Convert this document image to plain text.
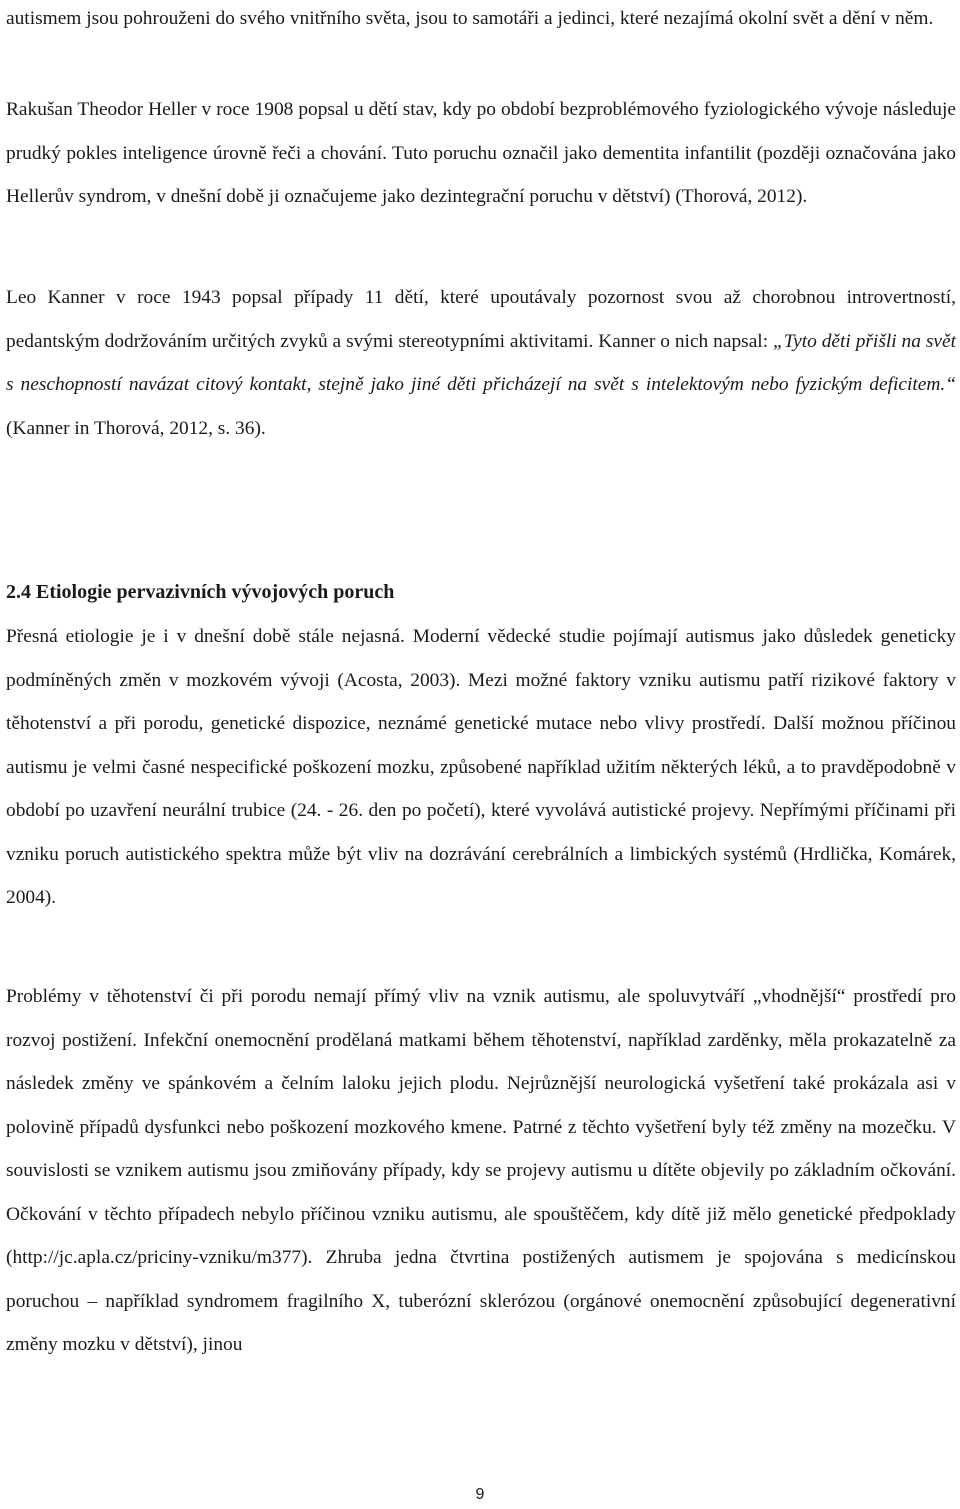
autismem jsou pohrouženi do svého vnitřního světa, jsou to samotáři a jedinci, které nezajímá okolní svět a dění v něm.

Rakušan Theodor Heller v roce 1908 popsal u dětí stav, kdy po období bezproblémového fyziologického vývoje následuje prudký pokles inteligence úrovně řeči a chování. Tuto poruchu označil jako dementita infantilit (později označována jako Hellerův syndrom, v dnešní době ji označujeme jako dezintegrační poruchu v dětství) (Thorová, 2012).

Leo Kanner v roce 1943 popsal případy 11 dětí, které upoutávaly pozornost svou až chorobnou introvertností, pedantským dodržováním určitých zvyků a svými stereotypními aktivitami. Kanner o nich napsal: „Tyto děti přišli na svět s neschopností navázat citový kontakt, stejně jako jiné děti přicházejí na svět s intelektovým nebo fyzickým deficitem.“ (Kanner in Thorová, 2012, s. 36).

2.4 Etiologie pervazivních vývojových poruch

Přesná etiologie je i v dnešní době stále nejasná. Moderní vědecké studie pojímají autismus jako důsledek geneticky podmíněných změn v mozkovém vývoji (Acosta, 2003). Mezi možné faktory vzniku autismu patří rizikové faktory v těhotenství a při porodu, genetické dispozice, neznámé genetické mutace nebo vlivy prostředí. Další možnou příčinou autismu je velmi časné nespecifické poškození mozku, způsobené například užitím některých léků, a to pravděpodobně v období po uzavření neurální trubice (24. - 26. den po početí), které vyvolává autistické projevy. Nepřímými příčinami při vzniku poruch autistického spektra může být vliv na dozrávání cerebrálních a limbických systémů (Hrdlička, Komárek, 2004).

Problémy v těhotenství či při porodu nemají přímý vliv na vznik autismu, ale spoluvytváří „vhodnější“ prostředí pro rozvoj postižení. Infekční onemocnění prodělaná matkami během těhotenství, například zarděnky, měla prokazatelně za následek změny ve spánkovém a čelním laloku jejich plodu. Nejrůznější neurologická vyšetření také prokázala asi v polovině případů dysfunkci nebo poškození mozkového kmene. Patrné z těchto vyšetření byly též změny na mozečku. V souvislosti se vznikem autismu jsou zmiňovány případy, kdy se projevy autismu u dítěte objevily po základním očkování. Očkování v těchto případech nebylo příčinou vzniku autismu, ale spouštěčem, kdy dítě již mělo genetické předpoklady (http://jc.apla.cz/priciny-vzniku/m377). Zhruba jedna čtvrtina postižených autismem je spojována s medicínskou poruchou – například syndromem fragilního X, tuberózní sklerózou (orgánové onemocnění způsobující degenerativní změny mozku v dětství), jinou

9
